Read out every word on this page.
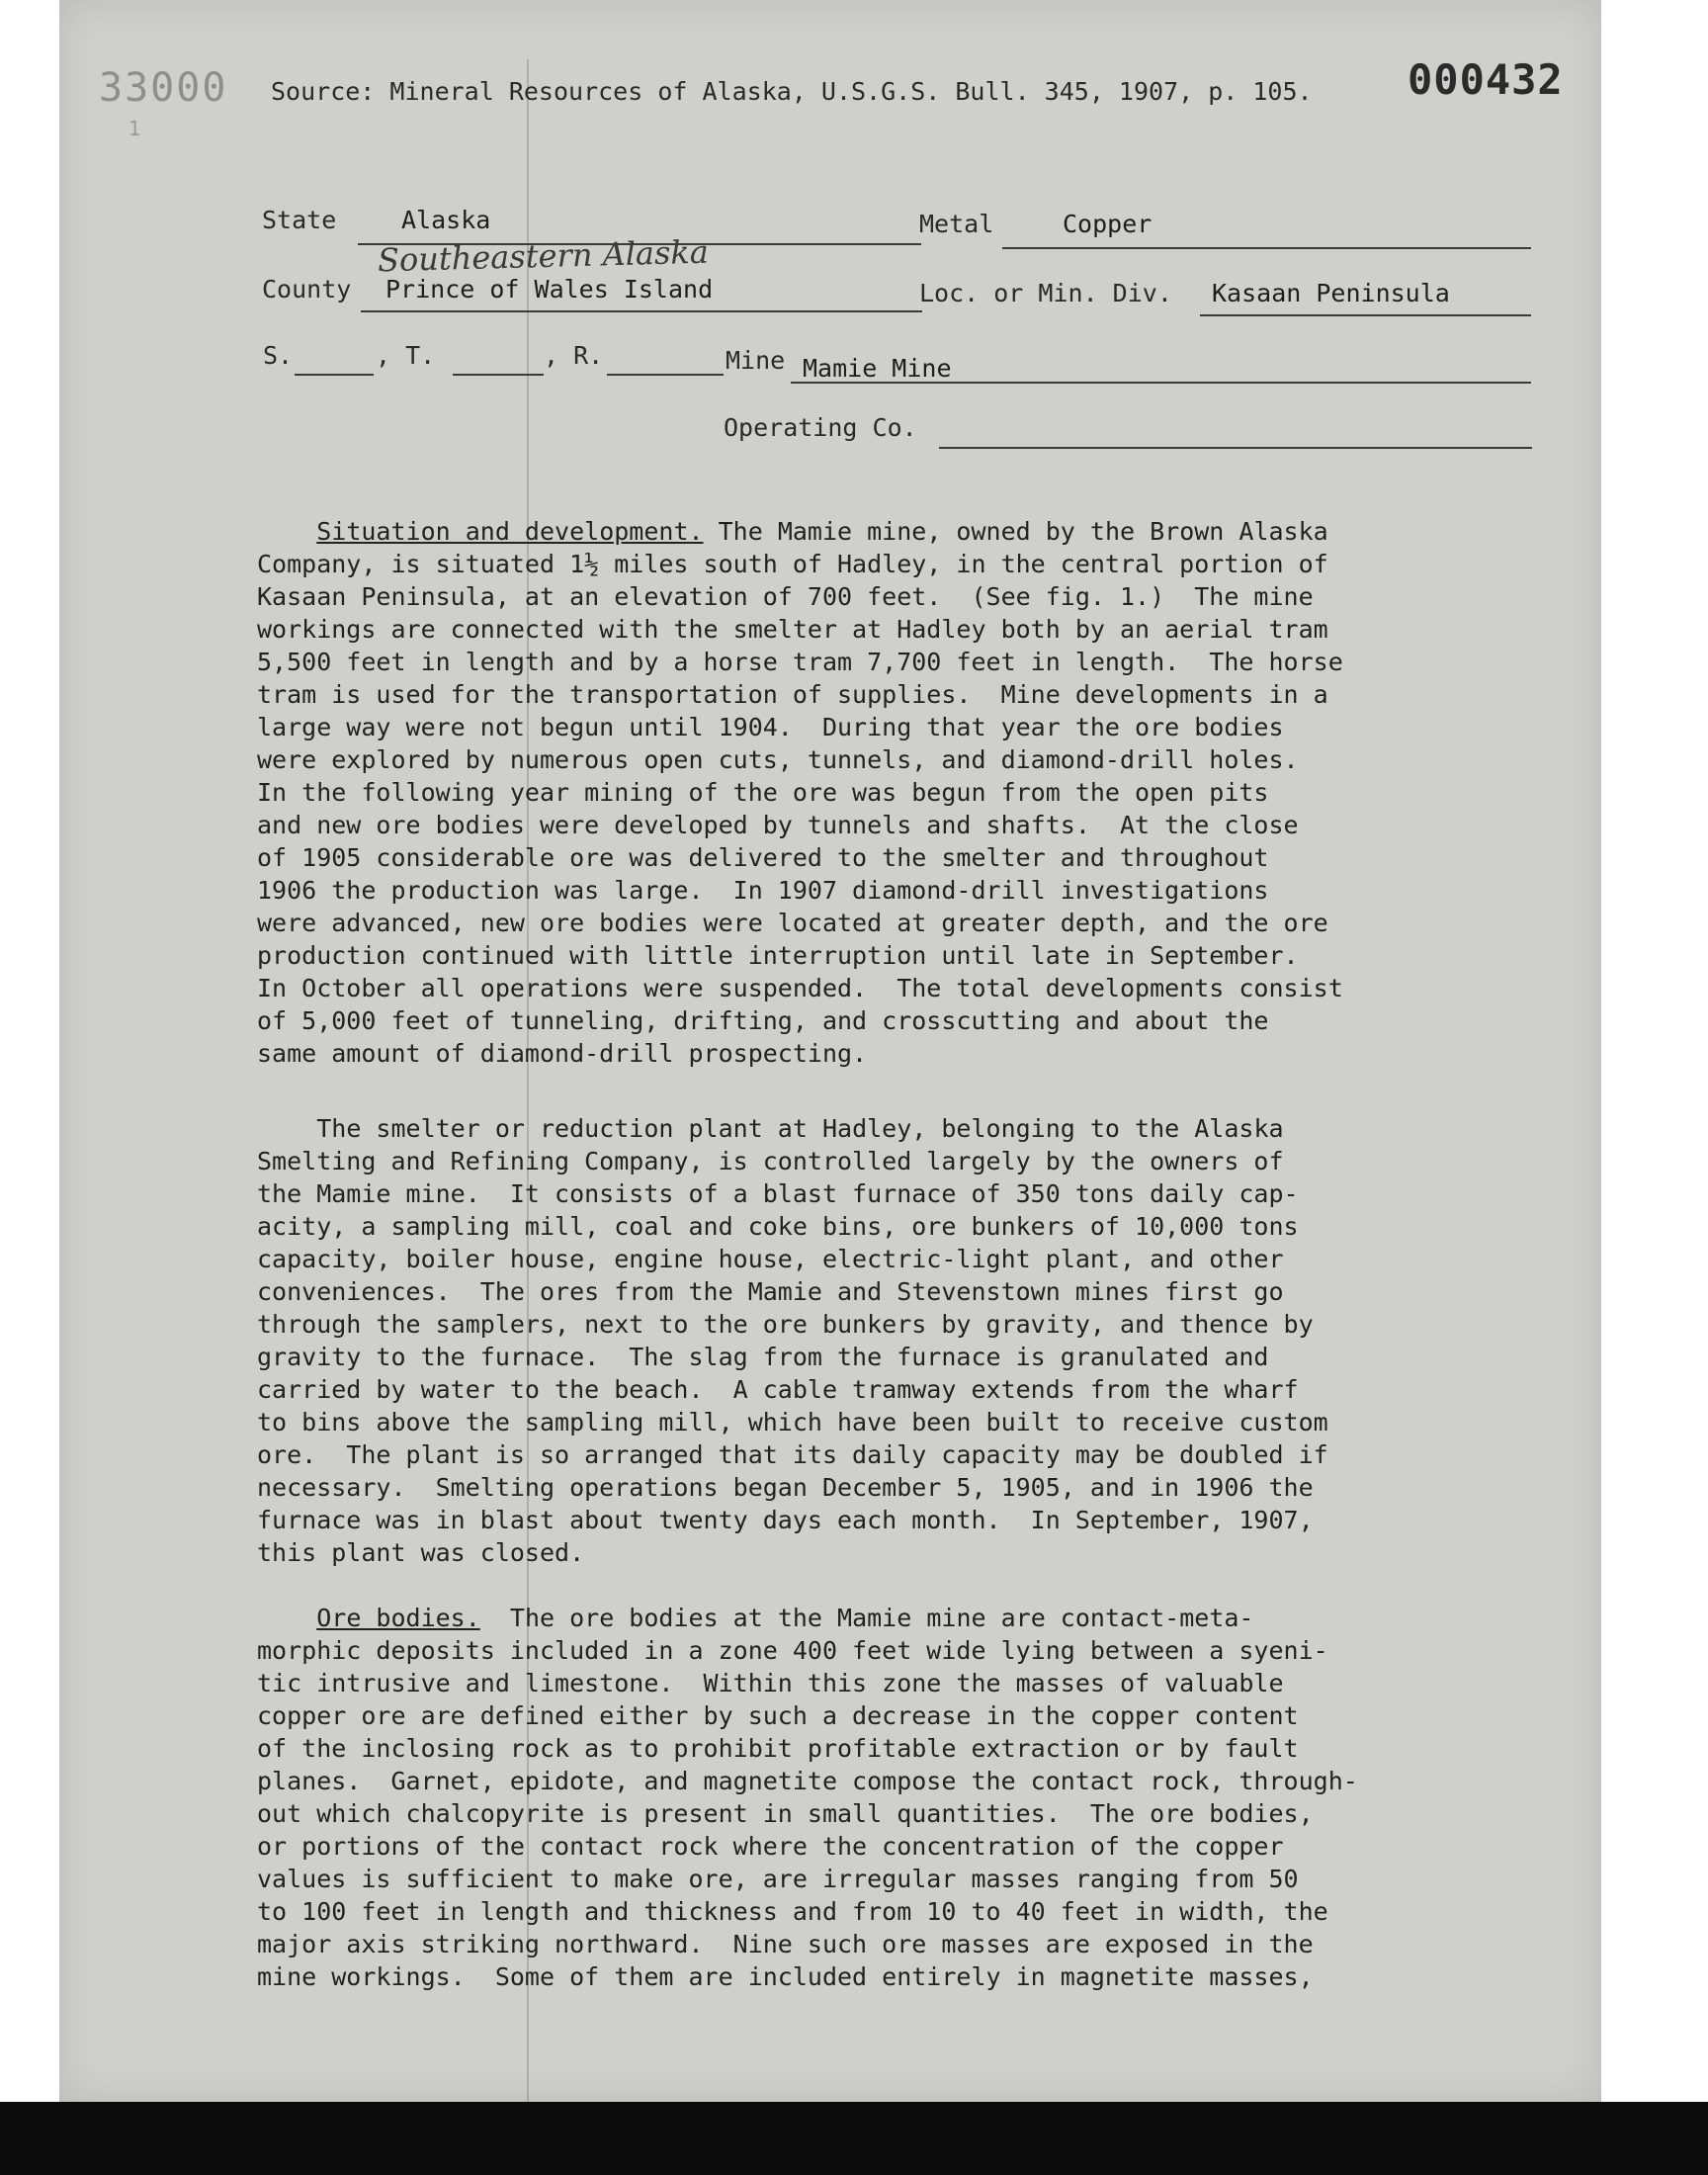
33000
1
000432
Source: Mineral Resources of Alaska, U.S.G.S. Bull. 345, 1907, p. 105.
State	Alaska	Metal	Copper
Southeastern Alaska
County Prince of Wales Island	Loc. or Min. Div. Kasaan Peninsula
S.	, T.	, R.	Mine Mamie Mine
Operating Co.
Situation and development. The Mamie mine, owned by the Brown Alaska
Company, is situated 1½ miles south of Hadley, in the central portion of
Kasaan Peninsula, at an elevation of 700 feet.  (See fig. 1.)  The mine
workings are connected with the smelter at Hadley both by an aerial tram
5,500 feet in length and by a horse tram 7,700 feet in length.  The horse
tram is used for the transportation of supplies.  Mine developments in a
large way were not begun until 1904.  During that year the ore bodies
were explored by numerous open cuts, tunnels, and diamond-drill holes.
In the following year mining of the ore was begun from the open pits
and new ore bodies were developed by tunnels and shafts.  At the close
of 1905 considerable ore was delivered to the smelter and throughout
1906 the production was large.  In 1907 diamond-drill investigations
were advanced, new ore bodies were located at greater depth, and the ore
production continued with little interruption until late in September.
In October all operations were suspended.  The total developments consist
of 5,000 feet of tunneling, drifting, and crosscutting and about the
same amount of diamond-drill prospecting.
The smelter or reduction plant at Hadley, belonging to the Alaska
Smelting and Refining Company, is controlled largely by the owners of
the Mamie mine.  It consists of a blast furnace of 350 tons daily cap-
acity, a sampling mill, coal and coke bins, ore bunkers of 10,000 tons
capacity, boiler house, engine house, electric-light plant, and other
conveniences.  The ores from the Mamie and Stevenstown mines first go
through the samplers, next to the ore bunkers by gravity, and thence by
gravity to the furnace.  The slag from the furnace is granulated and
carried by water to the beach.  A cable tramway extends from the wharf
to bins above the sampling mill, which have been built to receive custom
ore.  The plant is so arranged that its daily capacity may be doubled if
necessary.  Smelting operations began December 5, 1905, and in 1906 the
furnace was in blast about twenty days each month.  In September, 1907,
this plant was closed.
Ore bodies.  The ore bodies at the Mamie mine are contact-meta-
morphic deposits included in a zone 400 feet wide lying between a syeni-
tic intrusive and limestone.  Within this zone the masses of valuable
copper ore are defined either by such a decrease in the copper content
of the inclosing rock as to prohibit profitable extraction or by fault
planes.  Garnet, epidote, and magnetite compose the contact rock, through-
out which chalcopyrite is present in small quantities.  The ore bodies,
or portions of the contact rock where the concentration of the copper
values is sufficient to make ore, are irregular masses ranging from 50
to 100 feet in length and thickness and from 10 to 40 feet in width, the
major axis striking northward.  Nine such ore masses are exposed in the
mine workings.  Some of them are included entirely in magnetite masses,
